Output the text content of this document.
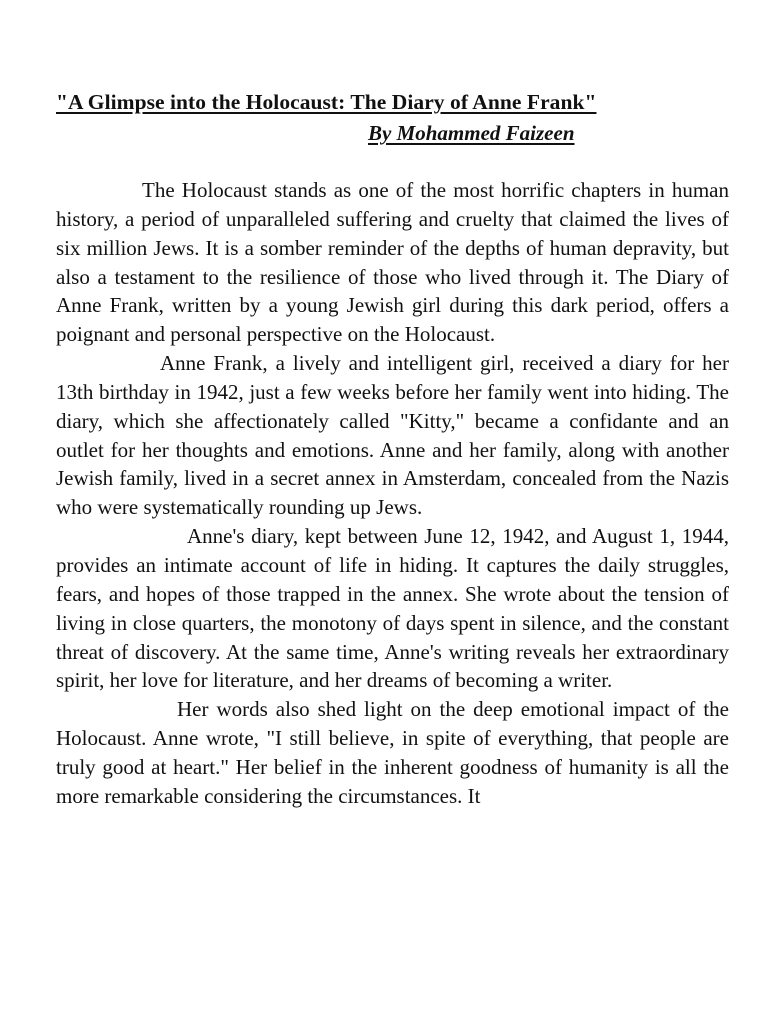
"A Glimpse into the Holocaust: The Diary of Anne Frank"

By Mohammed Faizeen

The Holocaust stands as one of the most horrific chapters in human history, a period of unparalleled suffering and cruelty that claimed the lives of six million Jews. It is a somber reminder of the depths of human depravity, but also a testament to the resilience of those who lived through it. The Diary of Anne Frank, written by a young Jewish girl during this dark period, offers a poignant and personal perspective on the Holocaust.

Anne Frank, a lively and intelligent girl, received a diary for her 13th birthday in 1942, just a few weeks before her family went into hiding. The diary, which she affectionately called "Kitty," became a confidante and an outlet for her thoughts and emotions. Anne and her family, along with another Jewish family, lived in a secret annex in Amsterdam, concealed from the Nazis who were systematically rounding up Jews.

Anne's diary, kept between June 12, 1942, and August 1, 1944, provides an intimate account of life in hiding. It captures the daily struggles, fears, and hopes of those trapped in the annex. She wrote about the tension of living in close quarters, the monotony of days spent in silence, and the constant threat of discovery. At the same time, Anne's writing reveals her extraordinary spirit, her love for literature, and her dreams of becoming a writer.

Her words also shed light on the deep emotional impact of the Holocaust. Anne wrote, "I still believe, in spite of everything, that people are truly good at heart." Her belief in the inherent goodness of humanity is all the more remarkable considering the circumstances. It
